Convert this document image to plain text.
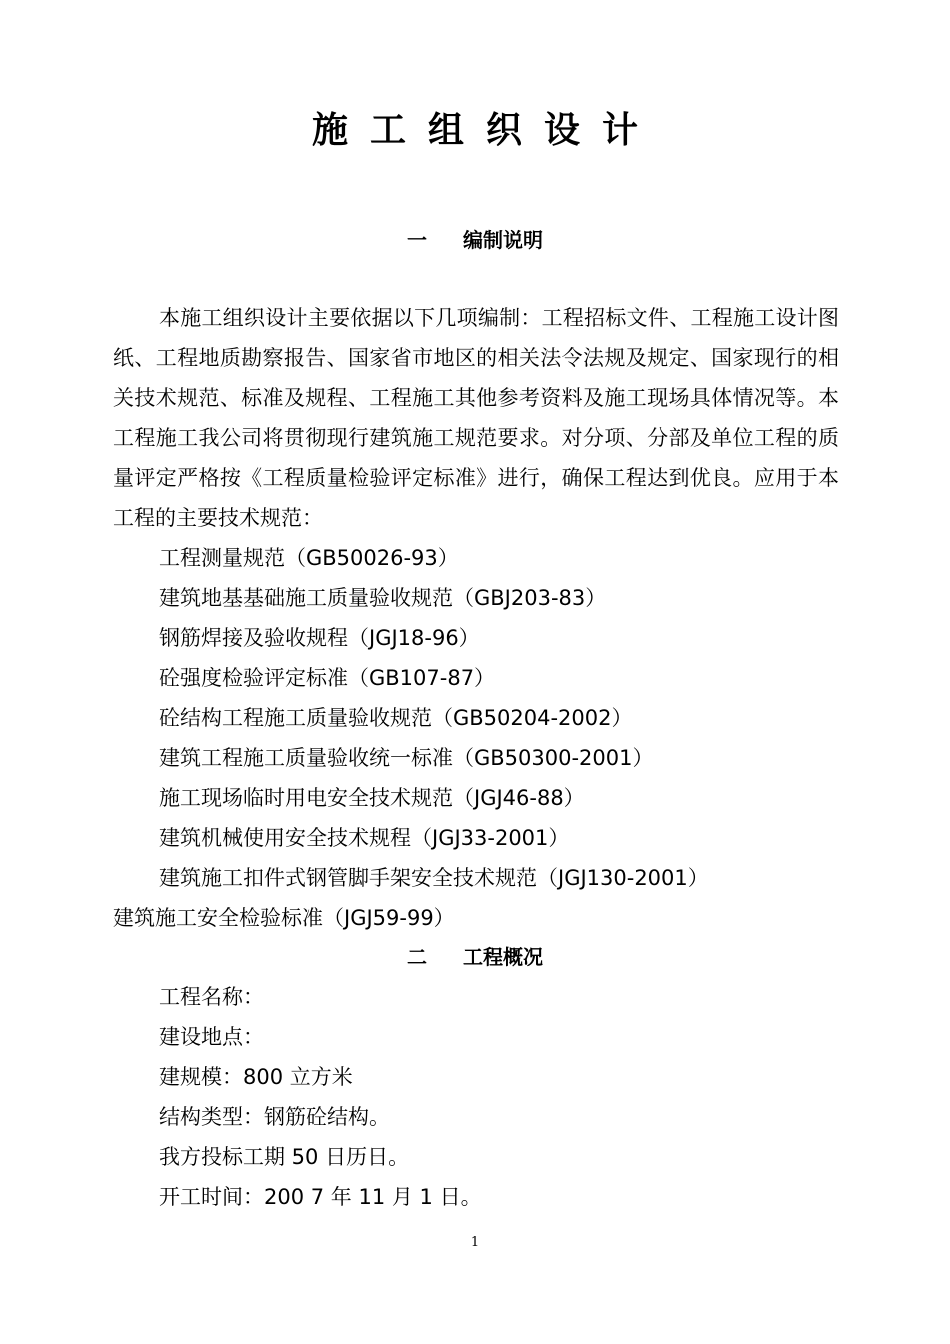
施工组织设计
一 编制说明

本施工组织设计主要依据以下几项编制：工程招标文件、工程施工设计图纸、工程地质勘察报告、国家省市地区的相关法令法规及规定、国家现行的相关技术规范、标准及规程、工程施工其他参考资料及施工现场具体情况等。本工程施工我公司将贯彻现行建筑施工规范要求。对分项、分部及单位工程的质量评定严格按《工程质量检验评定标准》进行，确保工程达到优良。应用于本工程的主要技术规范：

工程测量规范（GB50026-93）
建筑地基基础施工质量验收规范（GBJ203-83）
钢筋焊接及验收规程（JGJ18-96）
砼强度检验评定标准（GB107-87）
砼结构工程施工质量验收规范（GB50204-2002）
建筑工程施工质量验收统一标准（GB50300-2001）
施工现场临时用电安全技术规范（JGJ46-88）
建筑机械使用安全技术规程（JGJ33-2001）
建筑施工扣件式钢管脚手架安全技术规范（JGJ130-2001）
建筑施工安全检验标准（JGJ59-99）
二 工程概况
工程名称：
建设地点：
建规模：800 立方米
结构类型：钢筋砼结构。
我方投标工期 50 日历日。
开工时间：200 7 年 11 月 1 日。
1
